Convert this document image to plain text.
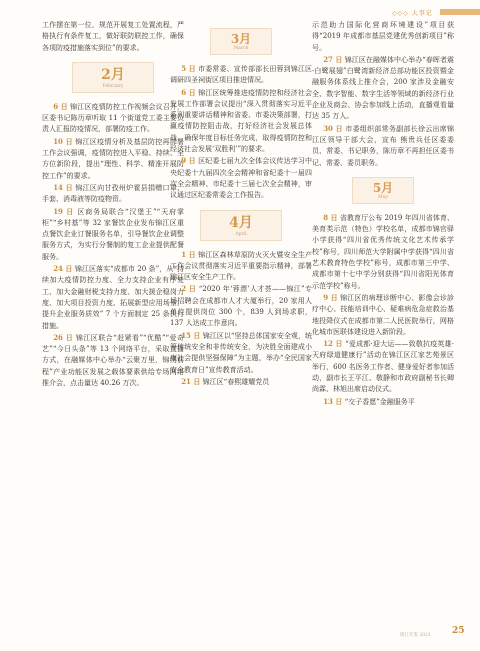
◇◇◇ 大事记

工作摆在第一位，规范开展复工处置流程，严格执行有条件复工，做好联防联控工作，确保各项防疫措施落实到位”的要求。

2月
February

6 日 锦江区疫情防控工作视频会议召开，区委书记陈历章听取 11 个街道党工委主要负责人汇报防疫情况，部署防疫工作。

10 日 锦江区疫情分析及基层防控再部署工作会议强调，疫情防控进入平稳、持续、全方位新阶段，提出“理性、科学、精准开展防控工作”的要求。

14 日 锦江区向甘孜州炉霍县捐赠口罩、手套、消毒液等防疫物资。

19 日 区商务局联合“汉堡王”“天府掌柜”“乡村基”等 32 家餐饮企业发布锦江区重点餐饮企业订餐服务名单，引导餐饮企业调整服务方式，为实行分餐制的复工企业提供配餐服务。

24 日 锦江区落实“成都市 20 条”，从“持续加大疫情防控力度、全力支持企业有序复工、加大金融财税支持力度、加大援企稳岗力度、加大项目投资力度、拓展新型应用场景、提升企业服务质效” 7 个方面制定 25 条执行措施。

26 日 锦江区联合“赶紧看”“优酷”“爱奇艺”“今日头条”等 13 个网络平台，采取直播方式，在融媒体中心举办“云聚万里，锦绣前程”产业功能区发展之载体要素供给专场网络推介会，点击量达 40.26 万次。

3月
March

5 日 市委常委、宣传部部长田蓉到锦江区调研四圣祠街区项目推进情况。

6 日 锦江区统筹推进疫情防控和经济社会发展工作部署会议提出“深入贯彻落实习近平系列重要讲话精神和省委、市委决策部署，打赢疫情防控阻击战，打好经济社会发展总体战，确保年度目标任务完成，取得疫情防控和经济社会发展‘双胜利’”的要求。

9 日 区纪委七届九次全体会议传达学习中央纪委十九届四次全会精神和省纪委十一届四次全会精神、市纪委十三届七次全会精神，审议通过区纪委常委会工作报告。

4月
April

1 日 锦江区森林草原防火灭火暨安全生产工作会议贯彻落实习近平重要指示精神，部署锦江区安全生产工作。

2 日 “2020 年‘蓉漂’人才荟——锦江”专场招聘会在成都市人才大厦举行，20 家用人单位提供岗位 300 个，839 人到场求职，137 人达成工作意向。

15 日 锦江区以“坚持总体国家安全观，统筹传统安全和非传统安全，为决胜全面建成小康社会提供坚强保障”为主题，举办“全民国家安全教育日”宣传教育活动。

21 日 锦江区“春熙雄耀党员

示范助力国际化营商环境建设”项目获得“2019 年成都市基层党建优秀创新项目”称号。

27 日 锦江区在融媒体中心举办“春晖者震·白鹭展翅”白鹭湾新经济总部功能区投资暨金融服务体系线上推介会，200 家涉及金融安全、数字智能、数字生活等领域的新经济行业企业及商会、协会参加线上活动，直播观看量达 35 万人。

30 日 市委组织部常务副部长徐云出席锦江区领导干部大会，宣布 熊贵兵任区委委员、常委、书记职务，陈历章不再担任区委书记、常委、委员职务。

5月
May

8 日 省教育厅公布 2019 年四川省体育、美育类示范（特色）学校名单，成都市锦官驿小学获得“四川省优秀传统文化艺术传承学校”称号，四川师范大学附属中学获得“四川省艺术教育特色学校”称号，成都市第三中学、成都市第十七中学分别获得“四川省阳光体育示范学校”称号。

9 日 锦江区的病理诊断中心、影像会诊診疗中心、技能培训中心、疑难病危急症救治基地投降仪式在成都市第二人民医院举行，网格化城市医联体建设进入新阶段。

12 日 “爱成都·迎大运——致敬抗疫英雄·天府绿道健康行”活动在锦江区江家艺苑景区举行，600 名医务工作者、健身爱好者参加活动，副市长王平江、敬静和市政府副秘书长卿尚霖、林旭出席启动仪式。

13 日 “交子香愿”金融服务平

锦江年鉴 2021 25
